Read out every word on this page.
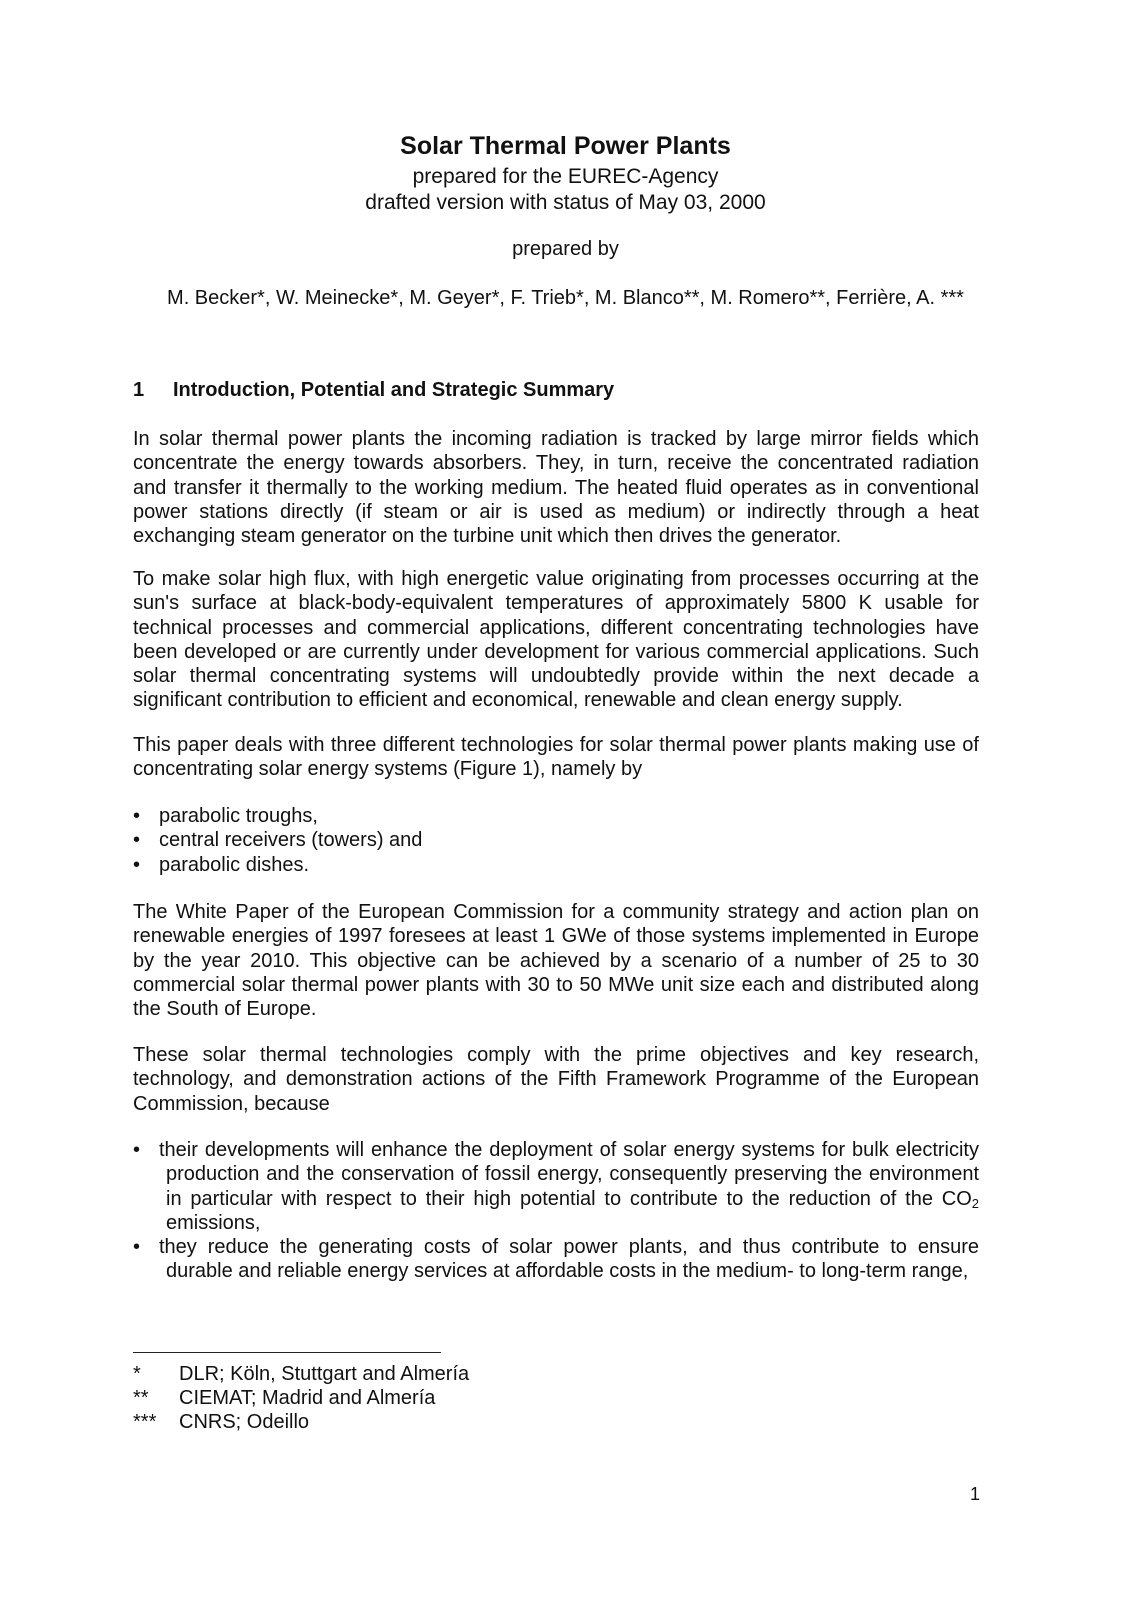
Solar Thermal Power Plants
prepared for the EUREC-Agency
drafted version with status of May 03, 2000
prepared by
M. Becker*, W. Meinecke*, M. Geyer*, F. Trieb*, M. Blanco**, M. Romero**, Ferrière, A. ***
1 Introduction, Potential and Strategic Summary

In solar thermal power plants the incoming radiation is tracked by large mirror fields which concentrate the energy towards absorbers. They, in turn, receive the concentrated radiation and transfer it thermally to the working medium. The heated fluid operates as in conventional power stations directly (if steam or air is used as medium) or indirectly through a heat exchanging steam generator on the turbine unit which then drives the generator.

To make solar high flux, with high energetic value originating from processes occurring at the sun's surface at black-body-equivalent temperatures of approximately 5800 K usable for technical processes and commercial applications, different concentrating technologies have been developed or are currently under development for various commercial applications. Such solar thermal concentrating systems will undoubtedly provide within the next decade a significant contribution to efficient and economical, renewable and clean energy supply.

This paper deals with three different technologies for solar thermal power plants making use of concentrating solar energy systems (Figure 1), namely by

• parabolic troughs,
• central receivers (towers) and
• parabolic dishes.

The White Paper of the European Commission for a community strategy and action plan on renewable energies of 1997 foresees at least 1 GWe of those systems implemented in Europe by the year 2010. This objective can be achieved by a scenario of a number of 25 to 30 commercial solar thermal power plants with 30 to 50 MWe unit size each and distributed along the South of Europe.

These solar thermal technologies comply with the prime objectives and key research, technology, and demonstration actions of the Fifth Framework Programme of the European Commission, because

• their developments will enhance the deployment of solar energy systems for bulk electricity production and the conservation of fossil energy, consequently preserving the environment in particular with respect to their high potential to contribute to the reduction of the $CO_2$ emissions,
• they reduce the generating costs of solar power plants, and thus contribute to ensure durable and reliable energy services at affordable costs in the medium- to long-term range,
* DLR; Köln, Stuttgart and Almería
** CIEMAT; Madrid and Almería
*** CNRS; Odeillo
1
